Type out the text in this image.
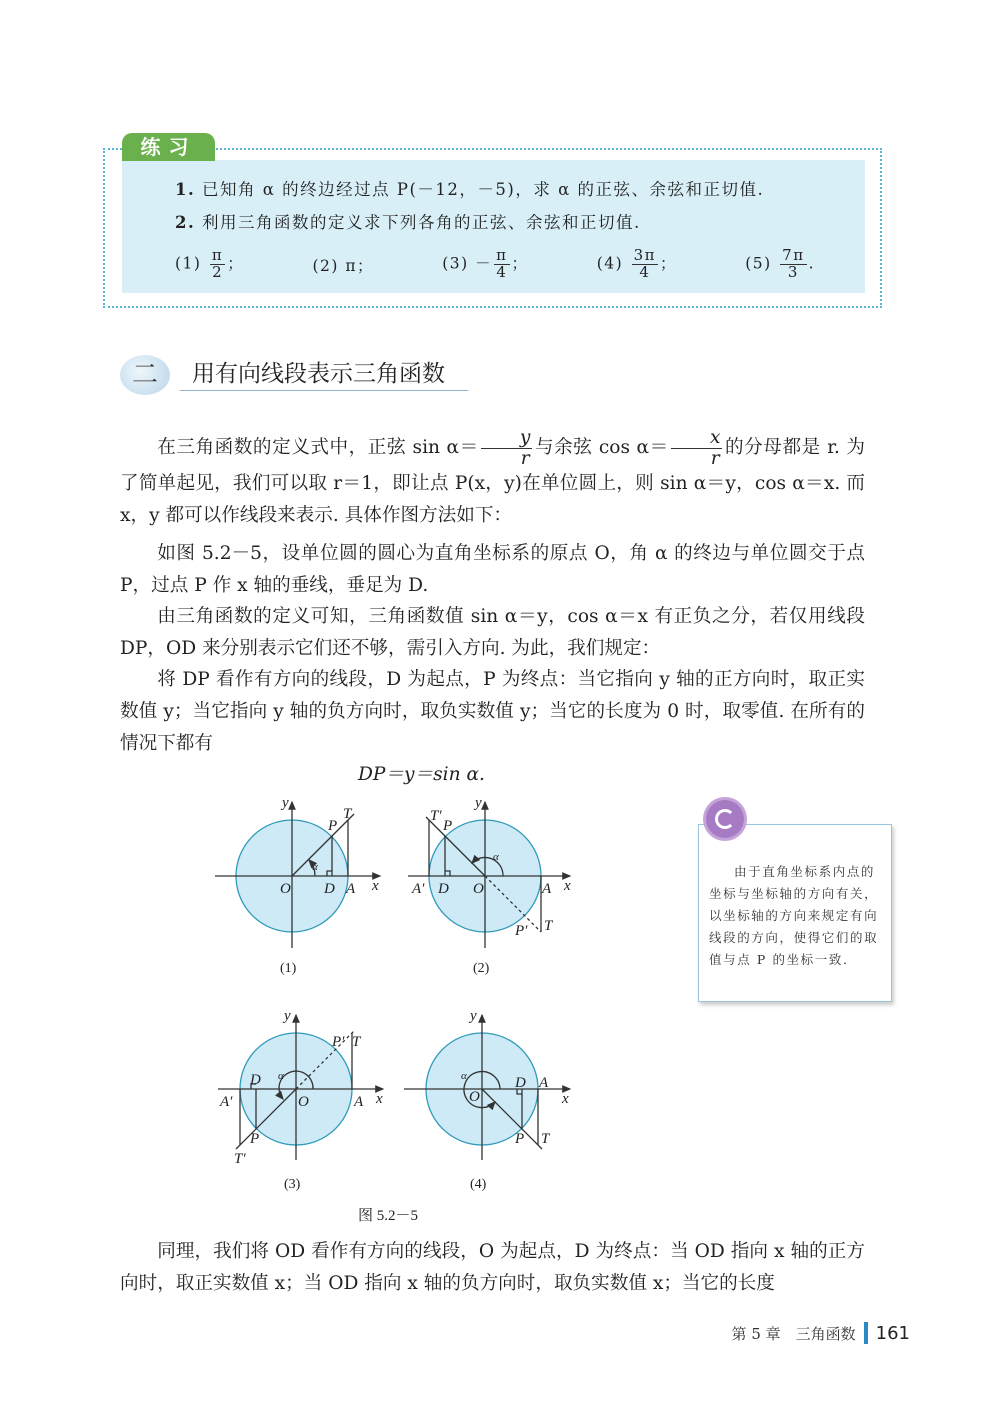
练习
1. 已知角 α 的终边经过点 P(－12，－5)，求 α 的正弦、余弦和正切值.
2. 利用三角函数的定义求下列各角的正弦、余弦和正切值.
$(1) \frac{\pi}{2}$ ；	(2) π；	$(3) - \frac{\pi}{4}$ ；	$(4) \frac{3\pi}{4}$ ；	$(5) \frac{7\pi}{3}$ .
二	用有向线段表示三角函数
在三角函数的定义式中，正弦 $\sin \alpha= \frac{y}{r}$ 与余弦 $\cos \alpha= \frac{x}{r}$ 的分母都是 r. 为了简单起见，我们可以取 r＝1，即让点 P(x，y)在单位圆上，则 sin α＝y，cos α＝x. 而 x，y 都可以作线段来表示. 具体作图方法如下：
如图 5.2－5，设单位圆的圆心为直角坐标系的原点 O，角 α 的终边与单位圆交于点 P，过点 P 作 x 轴的垂线，垂足为 D.
由三角函数的定义可知，三角函数值 sin α＝y，cos α＝x 有正负之分，若仅用线段 DP，OD 来分别表示它们还不够，需引入方向. 为此，我们规定：
将 DP 看作有方向的线段，D 为起点，P 为终点：当它指向 y 轴的正方向时，取正实数值 y；当它指向 y 轴的负方向时，取负实数值 y；当它的长度为 0 时，取零值. 在所有的情况下都有
DP＝y＝sin α.
O D A x
y
P
T
α
(1)
O
D
A′	A x
y
P
T′
T
P′
α
(2)
O
D
A′	A x
y
P
T′
P′ T
α
(3)
O
D A
x
y
P T
α
(4)
图 5.2－5
由于直角坐标系内点的坐标与坐标轴的方向有关，以坐标轴的方向来规定有向线段的方向，使得它们的取值与点 P 的坐标一致.
同理，我们将 OD 看作有方向的线段，O 为起点，D 为终点：当 OD 指向 x 轴的正方向时，取正实数值 x；当 OD 指向 x 轴的负方向时，取负实数值 x；当它的长度
第 5 章　三角函数 161
